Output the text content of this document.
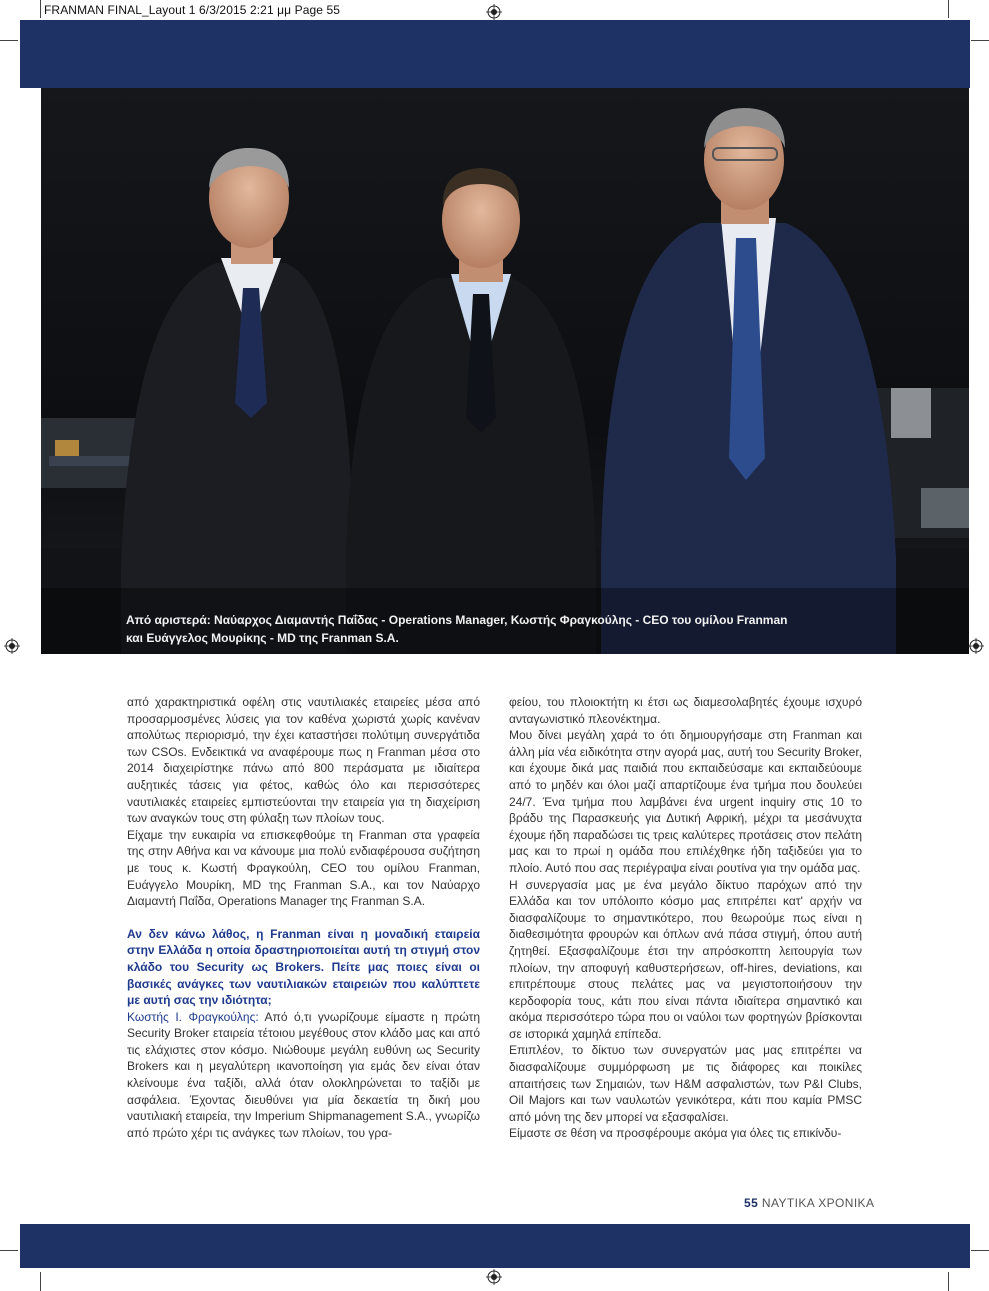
FRANMAN FINAL_Layout 1 6/3/2015 2:21 μμ Page 55
Από αριστερά: Ναύαρχος Διαμαντής Παΐδας - Operations Manager, Κωστής Φραγκούλης - CEO του ομίλου Franman
και Ευάγγελος Μουρίκης - MD της Franman S.A.

από χαρακτηριστικά οφέλη στις ναυτιλιακές εταιρείες μέσα από προσαρμοσμένες λύσεις για τον καθένα χωριστά χωρίς κανέναν απολύτως περιορισμό, την έχει καταστήσει πολύτιμη συνεργάτιδα των CSOs. Ενδεικτικά να αναφέρουμε πως η Franman μέσα στο 2014 διαχειρίστηκε πάνω από 800 περάσματα με ιδιαίτερα αυξητικές τάσεις για φέτος, καθώς όλο και περισσότερες ναυτιλιακές εταιρείες εμπιστεύονται την εταιρεία για τη διαχείριση των αναγκών τους στη φύλαξη των πλοίων τους.

Είχαμε την ευκαιρία να επισκεφθούμε τη Franman στα γραφεία της στην Αθήνα και να κάνουμε μια πολύ ενδιαφέρουσα συζήτηση με τους κ. Κωστή Φραγκούλη, CEO του ομίλου Franman, Ευάγγελο Μουρίκη, MD της Franman S.A., και τον Ναύαρχο Διαμαντή Παΐδα, Operations Manager της Franman S.A.

Αν δεν κάνω λάθος, η Franman είναι η μοναδική εταιρεία στην Ελλάδα η οποία δραστηριοποιείται αυτή τη στιγμή στον κλάδο του Security ως Brokers. Πείτε μας ποιες είναι οι βασικές ανάγκες των ναυτιλιακών εταιρειών που καλύπτετε με αυτή σας την ιδιότητα;

Κωστής Ι. Φραγκούλης: Από ό,τι γνωρίζουμε είμαστε η πρώτη Security Broker εταιρεία τέτοιου μεγέθους στον κλάδο μας και από τις ελάχιστες στον κόσμο. Νιώθουμε μεγάλη ευθύνη ως Security Brokers και η μεγαλύτερη ικανοποίηση για εμάς δεν είναι όταν κλείνουμε ένα ταξίδι, αλλά όταν ολοκληρώνεται το ταξίδι με ασφάλεια. Έχοντας διευθύνει για μία δεκαετία τη δική μου ναυτιλιακή εταιρεία, την Imperium Shipmanagement S.A., γνωρίζω από πρώτο χέρι τις ανάγκες των πλοίων, του γρα-

φείου, του πλοιοκτήτη κι έτσι ως διαμεσολαβητές έχουμε ισχυρό ανταγωνιστικό πλεονέκτημα.

Μου δίνει μεγάλη χαρά το ότι δημιουργήσαμε στη Franman και άλλη μία νέα ειδικότητα στην αγορά μας, αυτή του Security Broker, και έχουμε δικά μας παιδιά που εκπαιδεύσαμε και εκπαιδεύουμε από το μηδέν και όλοι μαζί απαρτίζουμε ένα τμήμα που δουλεύει 24/7. Ένα τμήμα που λαμβάνει ένα urgent inquiry στις 10 το βράδυ της Παρασκευής για Δυτική Αφρική, μέχρι τα μεσάνυχτα έχουμε ήδη παραδώσει τις τρεις καλύτερες προτάσεις στον πελάτη μας και το πρωί η ομάδα που επιλέχθηκε ήδη ταξιδεύει για το πλοίο. Αυτό που σας περιέγραψα είναι ρουτίνα για την ομάδα μας.

Η συνεργασία μας με ένα μεγάλο δίκτυο παρόχων από την Ελλάδα και τον υπόλοιπο κόσμο μας επιτρέπει κατ' αρχήν να διασφαλίζουμε το σημαντικότερο, που θεωρούμε πως είναι η διαθεσιμότητα φρουρών και όπλων ανά πάσα στιγμή, όπου αυτή ζητηθεί. Εξασφαλίζουμε έτσι την απρόσκοπτη λειτουργία των πλοίων, την αποφυγή καθυστερήσεων, off-hires, deviations, και επιτρέπουμε στους πελάτες μας να μεγιστοποιήσουν την κερδοφορία τους, κάτι που είναι πάντα ιδιαίτερα σημαντικό και ακόμα περισσότερο τώρα που οι ναύλοι των φορτηγών βρίσκονται σε ιστορικά χαμηλά επίπεδα.

Επιπλέον, το δίκτυο των συνεργατών μας μας επιτρέπει να διασφαλίζουμε συμμόρφωση με τις διάφορες και ποικίλες απαιτήσεις των Σημαιών, των H&M ασφαλιστών, των P&I Clubs, Oil Majors και των ναυλωτών γενικότερα, κάτι που καμία PMSC από μόνη της δεν μπορεί να εξασφαλίσει.

Είμαστε σε θέση να προσφέρουμε ακόμα για όλες τις επικίνδυ-

55 ΝΑΥΤΙΚΑ ΧΡΟΝΙΚΑ
